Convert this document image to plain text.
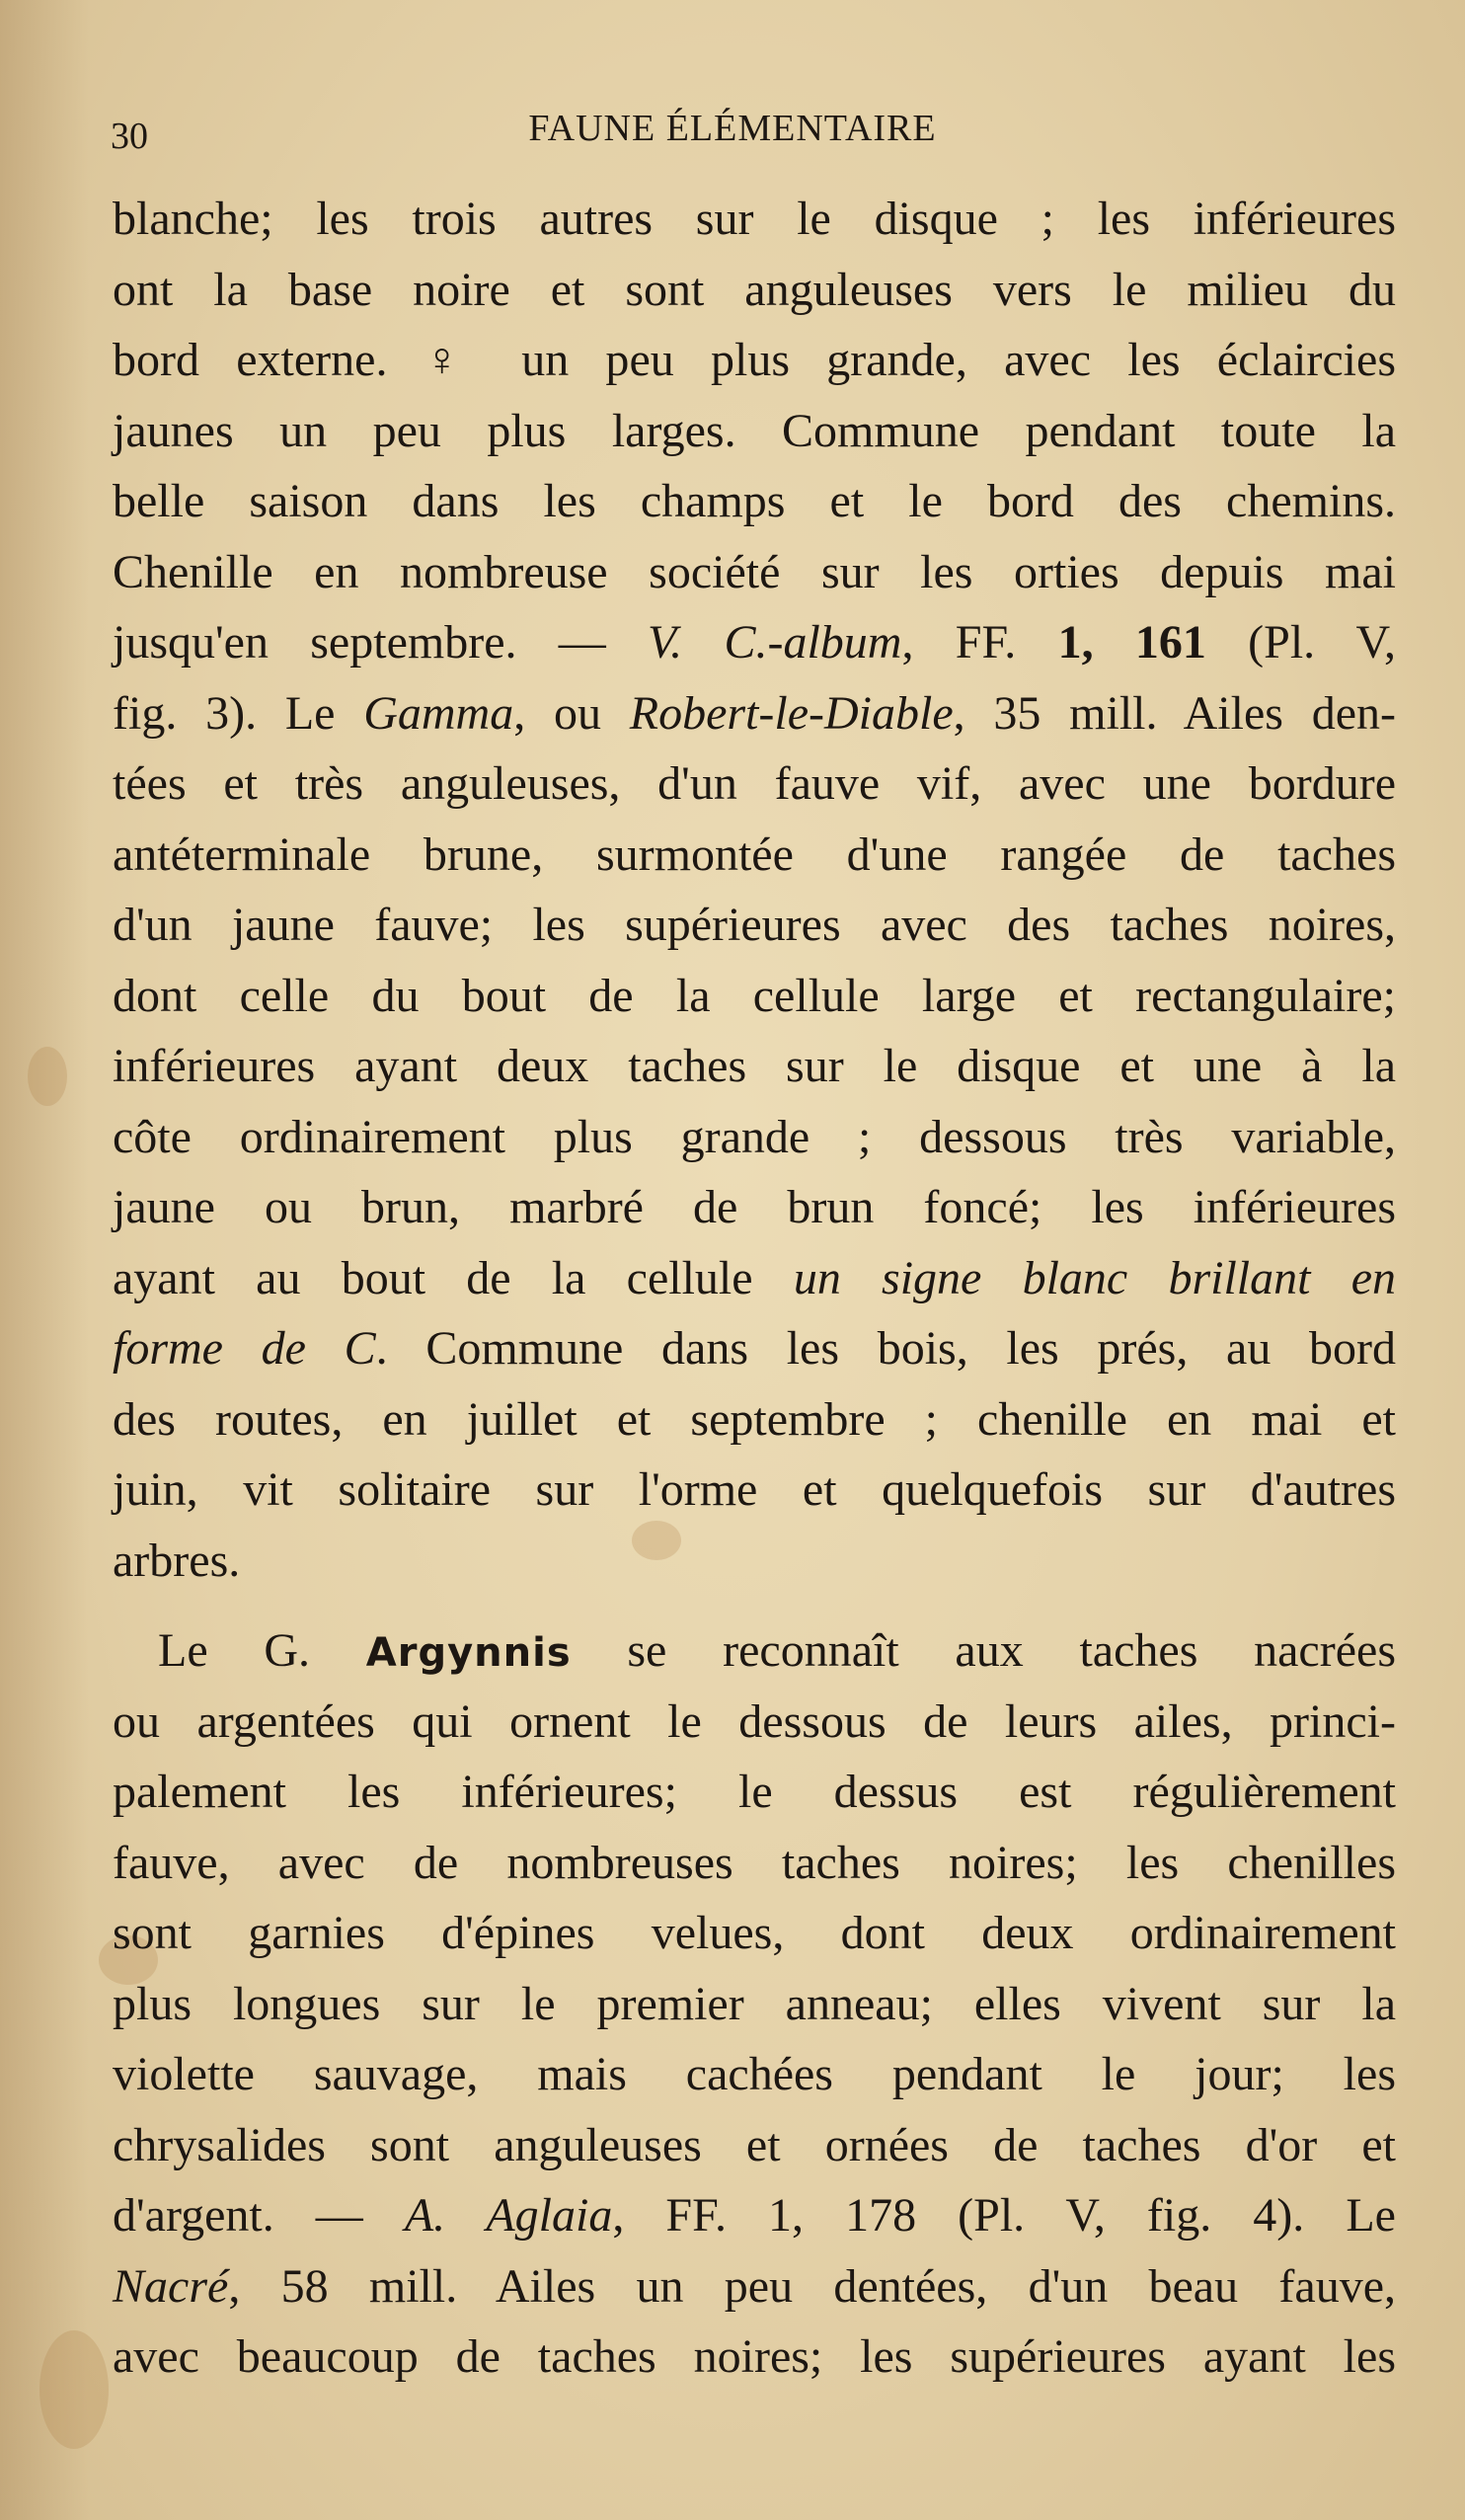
30	FAUNE ÉLÉMENTAIRE
blanche; les trois autres sur le disque ; les inférieures
ont la base noire et sont anguleuses vers le milieu du
bord externe. ♀ un peu plus grande, avec les éclaircies
jaunes un peu plus larges. Commune pendant toute la
belle saison dans les champs et le bord des chemins.
Chenille en nombreuse société sur les orties depuis mai
jusqu'en septembre. — V. C.-album, FF. 1, 161 (Pl. V,
fig. 3). Le Gamma, ou Robert-le-Diable, 35 mill. Ailes den-
tées et très anguleuses, d'un fauve vif, avec une bordure
antéterminale brune, surmontée d'une rangée de taches
d'un jaune fauve; les supérieures avec des taches noires,
dont celle du bout de la cellule large et rectangulaire;
inférieures ayant deux taches sur le disque et une à la
côte ordinairement plus grande ; dessous très variable,
jaune ou brun, marbré de brun foncé; les inférieures
ayant au bout de la cellule un signe blanc brillant en
forme de C. Commune dans les bois, les prés, au bord
des routes, en juillet et septembre ; chenille en mai et
juin, vit solitaire sur l'orme et quelquefois sur d'autres
arbres.
Le G. Argynnis se reconnaît aux taches nacrées
ou argentées qui ornent le dessous de leurs ailes, princi-
palement les inférieures; le dessus est régulièrement
fauve, avec de nombreuses taches noires; les chenilles
sont garnies d'épines velues, dont deux ordinairement
plus longues sur le premier anneau; elles vivent sur la
violette sauvage, mais cachées pendant le jour; les
chrysalides sont anguleuses et ornées de taches d'or et
d'argent. — A. Aglaia, FF. 1, 178 (Pl. V, fig. 4). Le
Nacré, 58 mill. Ailes un peu dentées, d'un beau fauve,
avec beaucoup de taches noires; les supérieures ayant les
